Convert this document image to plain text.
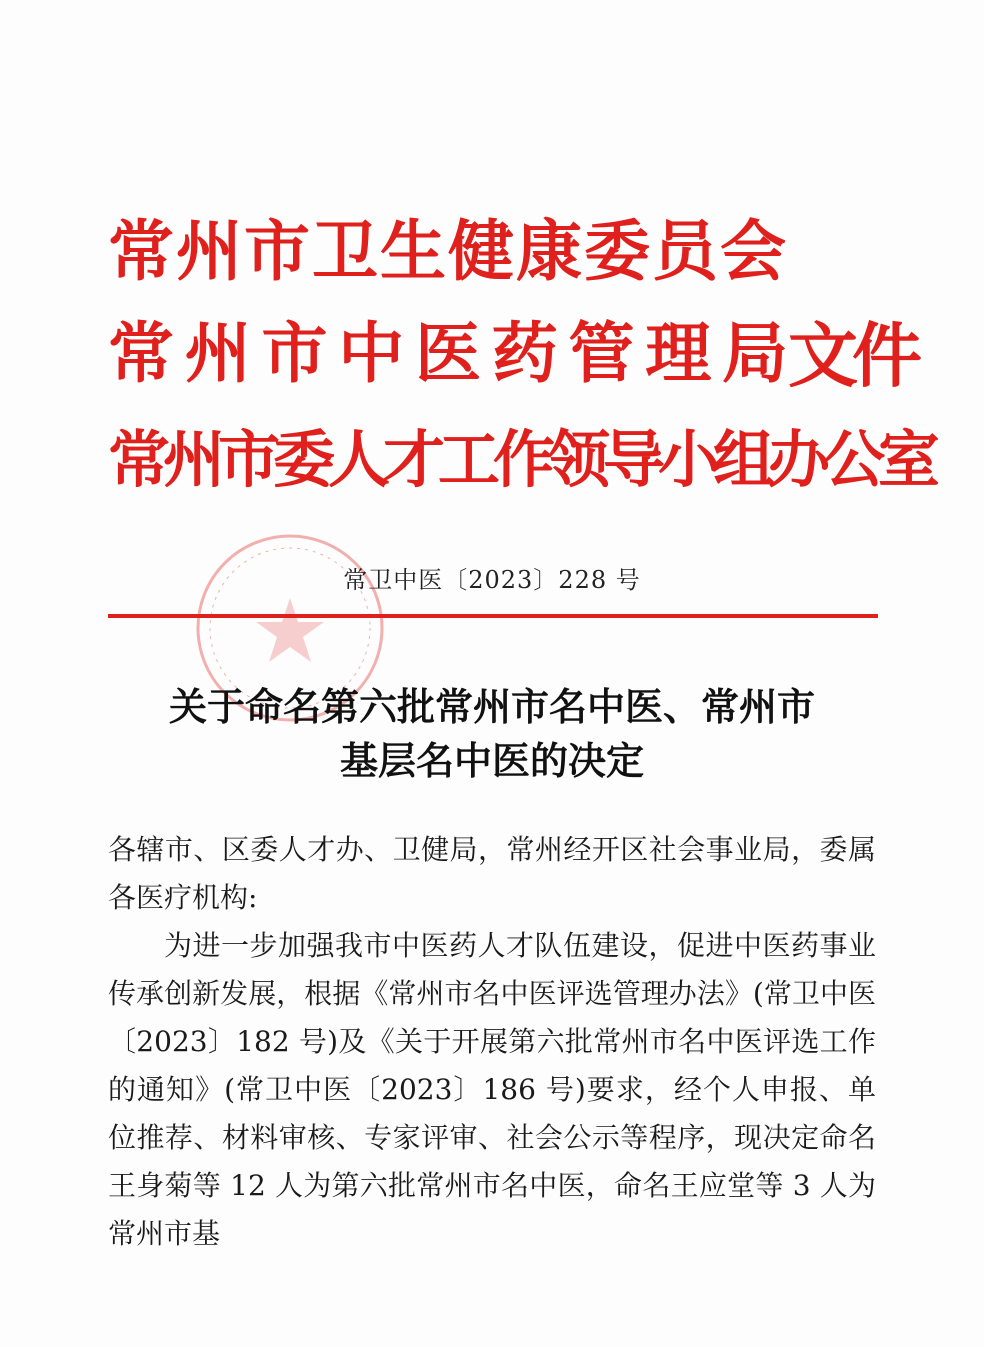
常州市卫生健康委员会
常州市中医药管理局
常州市委人才工作领导小组办公室
文件
常卫中医〔2023〕228 号
关于命名第六批常州市名中医、常州市
基层名中医的决定

各辖市、区委人才办、卫健局，常州经开区社会事业局，委属各医疗机构:

为进一步加强我市中医药人才队伍建设，促进中医药事业传承创新发展，根据《常州市名中医评选管理办法》(常卫中医〔2023〕182 号)及《关于开展第六批常州市名中医评选工作的通知》(常卫中医〔2023〕186 号)要求，经个人申报、单位推荐、材料审核、专家评审、社会公示等程序，现决定命名王身菊等 12 人为第六批常州市名中医，命名王应堂等 3 人为常州市基
